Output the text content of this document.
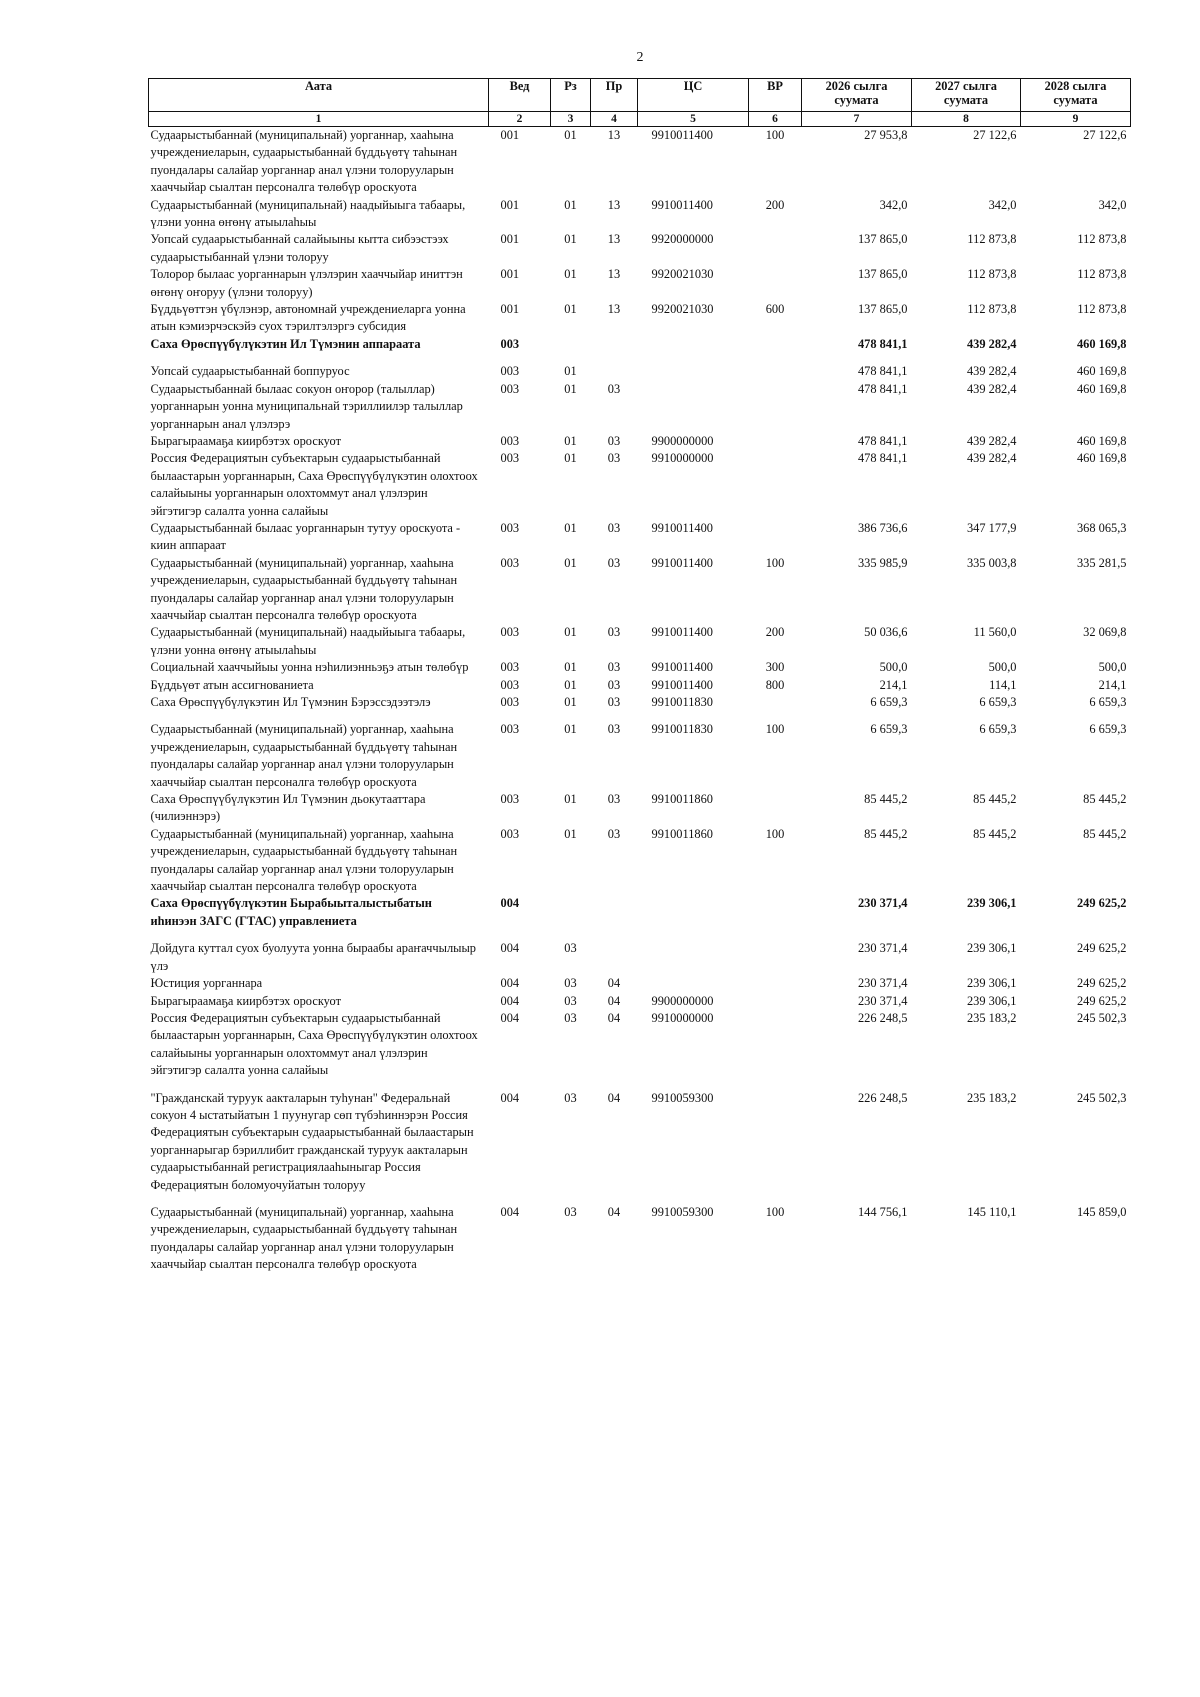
2
Аата	Вед	Рз	Пр	ЦС	ВР	2026 сылга суумата	2027 сылга суумата	2028 сылга суумата
1	2	3	4	5	6	7	8	9
Судаарыстыбаннай (муниципальнай) уорганнар, хааһына учреждениеларын, судаарыстыбаннай бүддьүөтү таһынан пуондалары салайар уорганнар анал үлэни толорууларын хааччыйар сыалтан персоналга төлөбүр ороскуота	001	01	13	9910011400	100	27 953,8	27 122,6	27 122,6
Судаарыстыбаннай (муниципальнай) наадыйыыга табаары, үлэни уонна өҥөнү атыылаһыы	001	01	13	9910011400	200	342,0	342,0	342,0
Уопсай судаарыстыбаннай салайыыны кытта сибээстээх судаарыстыбаннай үлэни толоруу	001	01	13	9920000000		137 865,0	112 873,8	112 873,8
Толорор былаас уорганнарын үлэлэрин хааччыйар иниттэн өҥөнү оҥоруу (үлэни толоруу)	001	01	13	9920021030		137 865,0	112 873,8	112 873,8
Бүддьүөттэн үбүлэнэр, автономнай учреждениеларга уонна атын кэмиэрчэскэйэ суох тэрилтэлэргэ субсидия	001	01	13	9920021030	600	137 865,0	112 873,8	112 873,8
Саха Өрөспүүбүлүкэтин Ил Түмэнин аппараата	003					478 841,1	439 282,4	460 169,8
Уопсай судаарыстыбаннай боппуруос	003	01				478 841,1	439 282,4	460 169,8
Судаарыстыбаннай былаас сокуон оҥорор (талыллар) уорганнарын уонна муниципальнай тэриллиилэр талыллар уорганнарын анал үлэлэрэ	003	01	03			478 841,1	439 282,4	460 169,8
Бырагыраамаҕа киирбэтэх ороскуот	003	01	03	9900000000		478 841,1	439 282,4	460 169,8
Россия Федерациятын субъектарын судаарыстыбаннай былаастарын уорганнарын, Саха Өрөспүүбүлүкэтин олохтоох салайыыны уорганнарын олохтоммут анал үлэлэрин эйгэтигэр салалта уонна салайыы	003	01	03	9910000000		478 841,1	439 282,4	460 169,8
Судаарыстыбаннай былаас уорганнарын тутуу ороскуота - киин аппараат	003	01	03	9910011400		386 736,6	347 177,9	368 065,3
Судаарыстыбаннай (муниципальнай) уорганнар, хааһына учреждениеларын, судаарыстыбаннай бүддьүөтү таһынан пуондалары салайар уорганнар анал үлэни толорууларын хааччыйар сыалтан персоналга төлөбүр ороскуота	003	01	03	9910011400	100	335 985,9	335 003,8	335 281,5
Судаарыстыбаннай (муниципальнай) наадыйыыга табаары, үлэни уонна өҥөнү атыылаһыы	003	01	03	9910011400	200	50 036,6	11 560,0	32 069,8
Социальнай хааччыйыы уонна нэһилиэнньэҕэ атын төлөбүр	003	01	03	9910011400	300	500,0	500,0	500,0
Бүддьүөт атын ассигнованиета	003	01	03	9910011400	800	214,1	114,1	214,1
Саха Өрөспүүбүлүкэтин Ил Түмэнин Бэрэссэдээтэлэ	003	01	03	9910011830		6 659,3	6 659,3	6 659,3
Судаарыстыбаннай (муниципальнай) уорганнар, хааһына учреждениеларын, судаарыстыбаннай бүддьүөтү таһынан пуондалары салайар уорганнар анал үлэни толорууларын хааччыйар сыалтан персоналга төлөбүр ороскуота	003	01	03	9910011830	100	6 659,3	6 659,3	6 659,3
Саха Өрөспүүбүлүкэтин Ил Түмэнин дьокутааттара (чилиэннэрэ)	003	01	03	9910011860		85 445,2	85 445,2	85 445,2
Судаарыстыбаннай (муниципальнай) уорганнар, хааһына учреждениеларын, судаарыстыбаннай бүддьүөтү таһынан пуондалары салайар уорганнар анал үлэни толорууларын хааччыйар сыалтан персоналга төлөбүр ороскуота	003	01	03	9910011860	100	85 445,2	85 445,2	85 445,2
Саха Өрөспүүбүлүкэтин Бырабыыталыстыбатын иһинээн ЗАГС (ГТАС) управлениета	004					230 371,4	239 306,1	249 625,2
Дойдуга куттал суох буолуута уонна быраабы араҥаччылыыр үлэ	004	03				230 371,4	239 306,1	249 625,2
Юстиция уорганнара	004	03	04			230 371,4	239 306,1	249 625,2
Бырагыраамаҕа киирбэтэх ороскуот	004	03	04	9900000000		230 371,4	239 306,1	249 625,2
Россия Федерациятын субъектарын судаарыстыбаннай былаастарын уорганнарын, Саха Өрөспүүбүлүкэтин олохтоох салайыыны уорганнарын олохтоммут анал үлэлэрин эйгэтигэр салалта уонна салайыы	004	03	04	9910000000		226 248,5	235 183,2	245 502,3
"Гражданскай туруук аакталарын туһунан" Федеральнай сокуон 4 ыстатыйатын 1 пуунугар сөп түбэһиннэрэн Россия Федерациятын субъектарын судаарыстыбаннай былаастарын уорганнарыгар бэриллибит гражданскай туруук аакталарын судаарыстыбаннай регистрациялааһыныгар Россия Федерациятын боломуочуйатын толоруу	004	03	04	9910059300		226 248,5	235 183,2	245 502,3
Судаарыстыбаннай (муниципальнай) уорганнар, хааһына учреждениеларын, судаарыстыбаннай бүддьүөтү таһынан пуондалары салайар уорганнар анал үлэни толорууларын хааччыйар сыалтан персоналга төлөбүр ороскуота	004	03	04	9910059300	100	144 756,1	145 110,1	145 859,0
